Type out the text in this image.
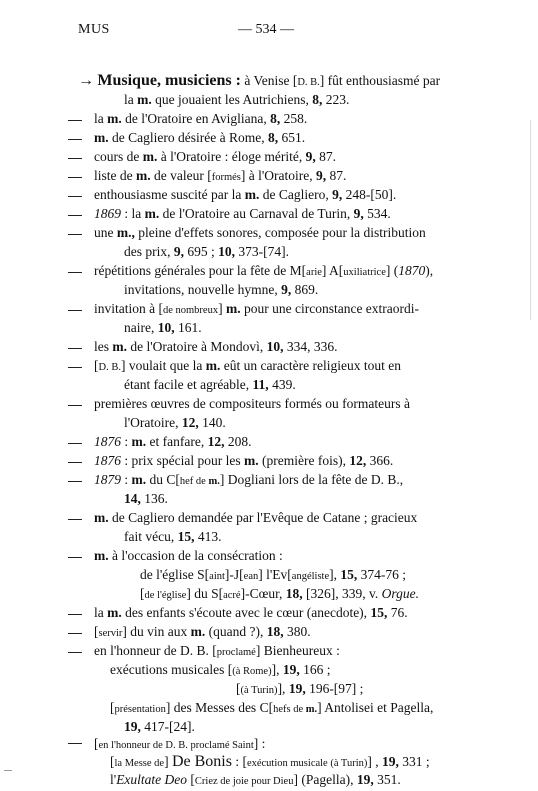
MUS	— 534 —
→ Musique, musiciens : à Venise [D. B.] fût enthousiasmé par
la m. que jouaient les Autrichiens, 8, 223.
la m. de l'Oratoire en Avigliana, 8, 258.
m. de Cagliero désirée à Rome, 8, 651.
cours de m. à l'Oratoire : éloge mérité, 9, 87.
liste de m. de valeur [formés] à l'Oratoire, 9, 87.
enthousiasme suscité par la m. de Cagliero, 9, 248-[50].
1869 : la m. de l'Oratoire au Carnaval de Turin, 9, 534.
une m., pleine d'effets sonores, composée pour la distribution
des prix, 9, 695 ; 10, 373-[74].
répétitions générales pour la fête de M[arie] A[uxiliatrice] (1870),
invitations, nouvelle hymne, 9, 869.
invitation à [de nombreux] m. pour une circonstance extraordi-
naire, 10, 161.
les m. de l'Oratoire à Mondovì, 10, 334, 336.
[D. B.] voulait que la m. eût un caractère religieux tout en
étant facile et agréable, 11, 439.
premières œuvres de compositeurs formés ou formateurs à
l'Oratoire, 12, 140.
1876 : m. et fanfare, 12, 208.
1876 : prix spécial pour les m. (première fois), 12, 366.
1879 : m. du C[hef de m.] Dogliani lors de la fête de D. B.,
14, 136.
m. de Cagliero demandée par l'Evêque de Catane ; gracieux
fait vécu, 15, 413.
m. à l'occasion de la consécration :
de l'église S[aint]-J[ean] l'Ev[angéliste], 15, 374-76 ;
[de l'église] du S[acré]-Cœur, 18, [326], 339, v. Orgue.
la m. des enfants s'écoute avec le cœur (anecdote), 15, 76.
[servir] du vin aux m. (quand ?), 18, 380.
en l'honneur de D. B. [proclamé] Bienheureux :
exécutions musicales [(à Rome)], 19, 166 ;
[(à Turin)], 19, 196-[97] ;
[présentation] des Messes des C[hefs de m.] Antolisei et Pagella,
19, 417-[24].
[en l'honneur de D. B. proclamé Saint] :
[la Messe de] De Bonis : [exécution musicale (à Turin)] , 19, 331 ;
l'Exultate Deo [Criez de joie pour Dieu] (Pagella), 19, 351.
